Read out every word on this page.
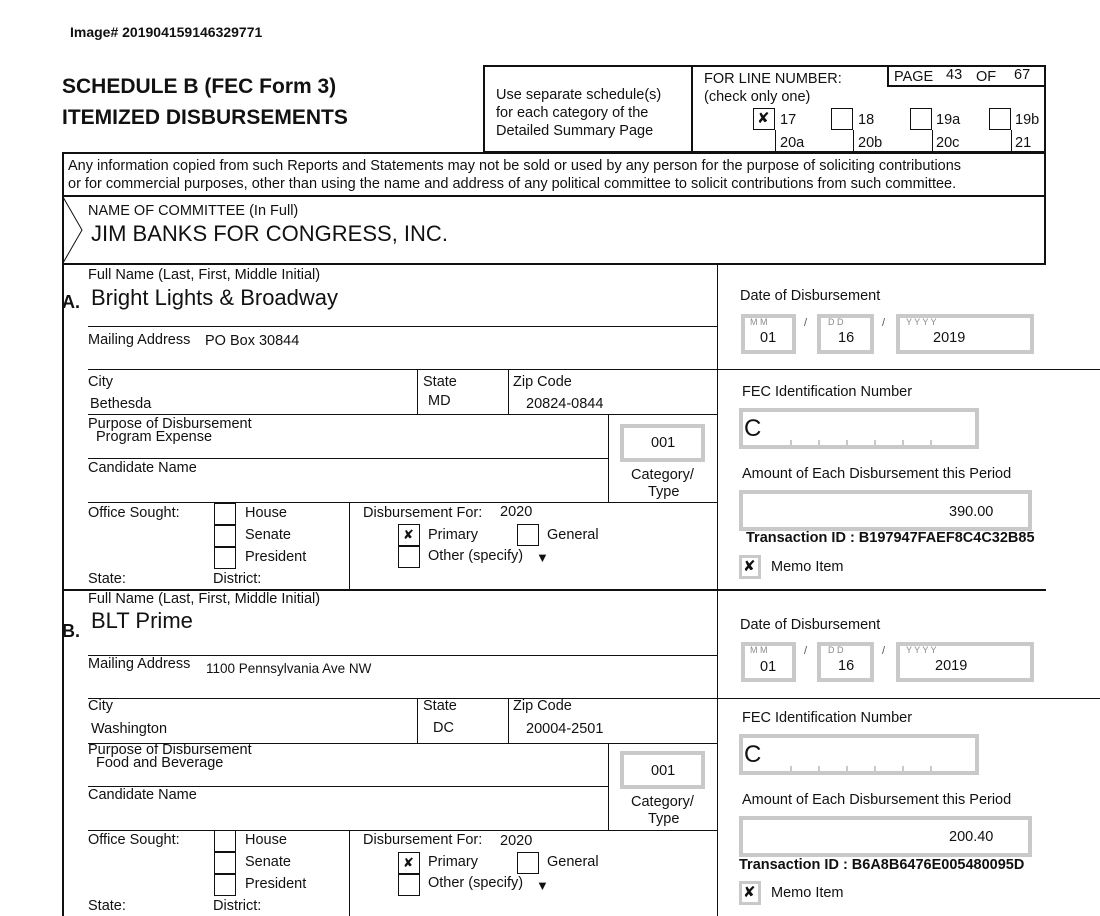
Image# 201904159146329771
SCHEDULE B (FEC Form 3)
ITEMIZED DISBURSEMENTS
Use separate schedule(s)
for each category of the
Detailed Summary Page
FOR LINE NUMBER:
(check only one)
PAGE 43 OF 67
✘ 17
20a
18
20b
19a
20c
19b
21
Any information copied from such Reports and Statements may not be sold or used by any person for the purpose of soliciting contributions
or for commercial purposes, other than using the name and address of any political committee to solicit contributions from such committee.
NAME OF COMMITTEE (In Full)
JIM BANKS FOR CONGRESS, INC.
Full Name (Last, First, Middle Initial)
A. Bright Lights & Broadway
Mailing Address PO Box 30844
City
Bethesda
State
MD
Zip Code
20824-0844
Purpose of Disbursement
Program Expense	001
Category/
Type
Candidate Name
Office Sought:	House
Senate
President
State:	District:
Disbursement For: 2020
✘ Primary	General
Other (specify) ▼
Date of Disbursement
M M
01
/ D D
16
/ Y Y Y Y
2019
FEC Identification Number
C
Amount of Each Disbursement this Period
390.00
Transaction ID : B197947FAEF8C4C32B85
✘ Memo Item
Full Name (Last, First, Middle Initial)
B. BLT Prime
Mailing Address 1100 Pennsylvania Ave NW
City
Washington
State
DC
Zip Code
20004-2501
Purpose of Disbursement
Food and Beverage	001
Category/
Type
Candidate Name
Office Sought:	House
Senate
President
State:	District:
Disbursement For: 2020
✘ Primary	General
Other (specify) ▼
Date of Disbursement
M M
01
/ D D
16
/ Y Y Y Y
2019
FEC Identification Number
C
Amount of Each Disbursement this Period
200.40
Transaction ID : B6A8B6476E005480095D
✘ Memo Item
